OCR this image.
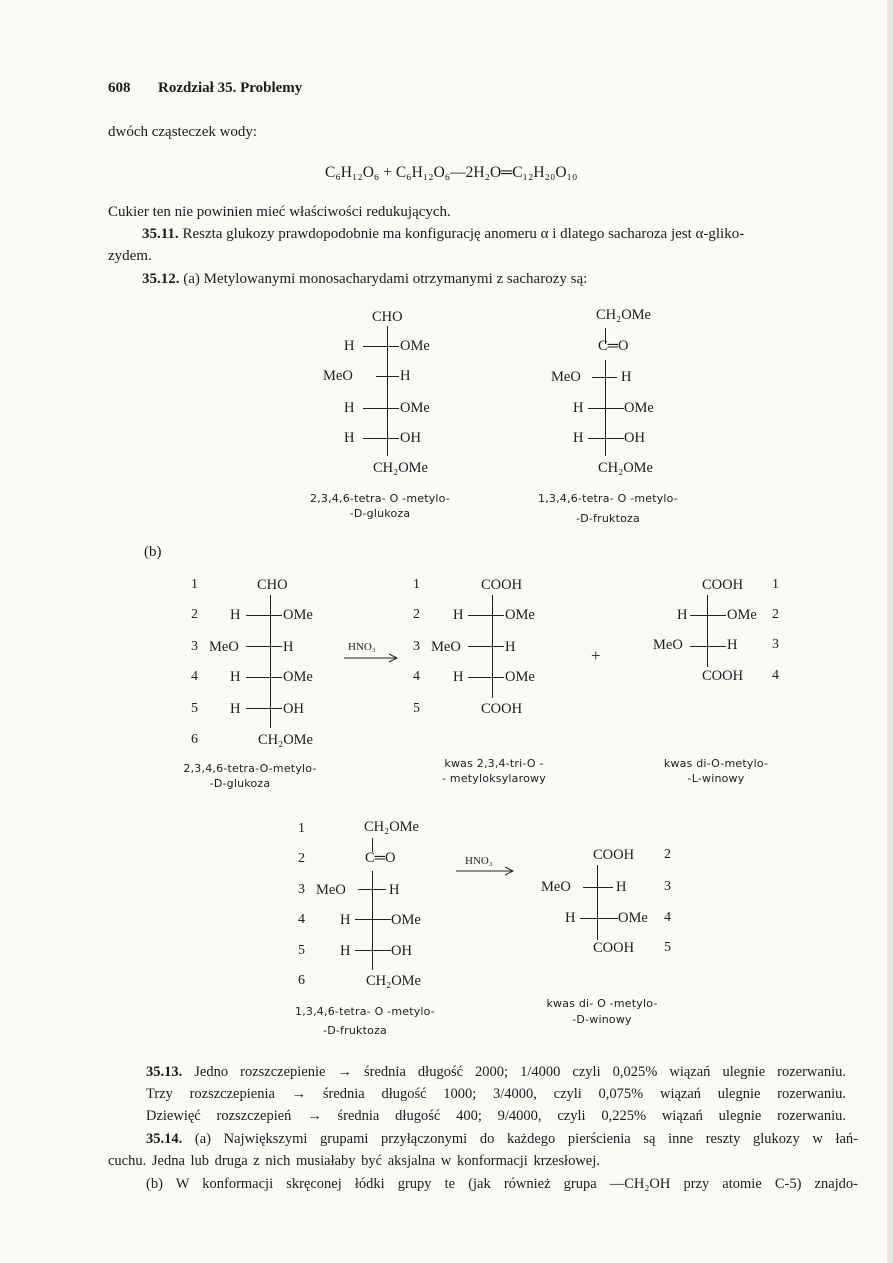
608 Rozdział 35. Problemy
dwóch cząsteczek wody:
C₆H₁₂O₆ + C₆H₁₂O₆—2H₂O═C₁₂H₂₀O₁₀
Cukier ten nie powinien mieć właściwości redukujących.
35.11. Reszta glukozy prawdopodobnie ma konfigurację anomeru α i dlatego sacharoza jest α-gliko-
zydem.
35.12. (a) Metylowanymi monosacharydami otrzymanymi z sacharozy są:
CHO
H	OMe
MeO	H
H	OMe
H	OH
CH₂OMe
2,3,4,6-tetra- O -metylo-
-D-glukoza
CH₂OMe
C═O
MeO	H
H	OMe
H	OH
CH₂OMe
1,3,4,6-tetra- O -metylo-
-D-fruktoza
(b)
1
2
3
4
5
6
CHO
H	OMe
MeO	H
H	OMe
H	OH
CH₂OMe
2,3,4,6-tetra-O-metylo-
-D-glukoza
HNO₃
1
2
3
4
5
COOH
H	OMe
MeO	H
H	OMe
COOH
kwas 2,3,4-tri-O -
- metyloksylarowy
+
COOH 1
H	OMe 2
MeO	H 3
COOH 4
kwas di-O-metylo-
-L-winowy
1
2
3
4
5
6
CH₂OMe
C═O
MeO	H
H	OMe
H	OH
CH₂OMe
1,3,4,6-tetra- O -metylo-
-D-fruktoza
HNO₃	COOH 2
MeO	H	3
H	OMe 4
COOH 5
kwas di- O -metylo-
-D-winowy
35.13. Jedno rozszczepienie → średnia długość 2000; 1/4000 czyli 0,025% wiązań ulegnie rozerwaniu.
Trzy rozszczepienia → średnia długość 1000; 3/4000, czyli 0,075% wiązań ulegnie rozerwaniu.
Dziewięć rozszczepień → średnia długość 400; 9/4000, czyli 0,225% wiązań ulegnie rozerwaniu.
35.14. (a) Największymi grupami przyłączonymi do każdego pierścienia są inne reszty glukozy w łań-
cuchu. Jedna lub druga z nich musiałaby być aksjalna w konformacji krzesłowej.
(b) W konformacji skręconej łódki grupy te (jak również grupa —CH₂OH przy atomie C-5) znajdo-
